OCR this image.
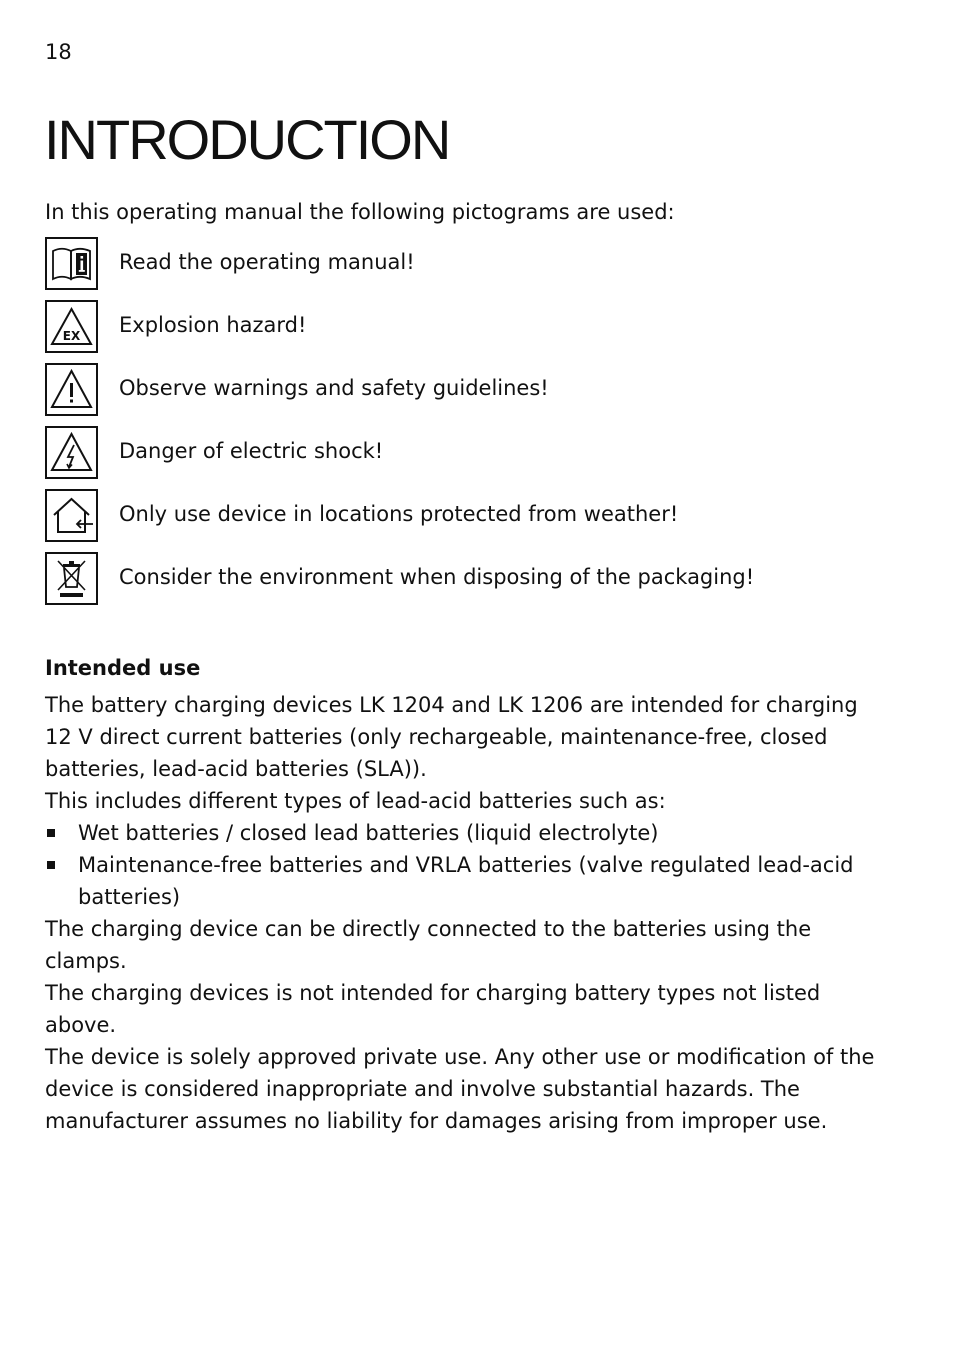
18
INTRODUCTION
In this operating manual the following pictograms are used:
Read the operating manual!
EX Explosion hazard!
Observe warnings and safety guidelines!
Danger of electric shock!
Only use device in locations protected from weather!
Consider the environment when disposing of the packaging!
Intended use

The battery charging devices LK 1204 and LK 1206 are intended for charging 12 V direct current batteries (only rechargeable, maintenance-free, closed batteries, lead-acid batteries (SLA)).

This includes different types of lead-acid batteries such as:

Wet batteries / closed lead batteries (liquid electrolyte)

Maintenance-free batteries and VRLA batteries (valve regulated lead-acid batteries)

The charging device can be directly connected to the batteries using the clamps.

The charging devices is not intended for charging battery types not listed above.

The device is solely approved private use. Any other use or modification of the device is considered inappropriate and involve substantial hazards. The manufacturer assumes no liability for damages arising from improper use.
